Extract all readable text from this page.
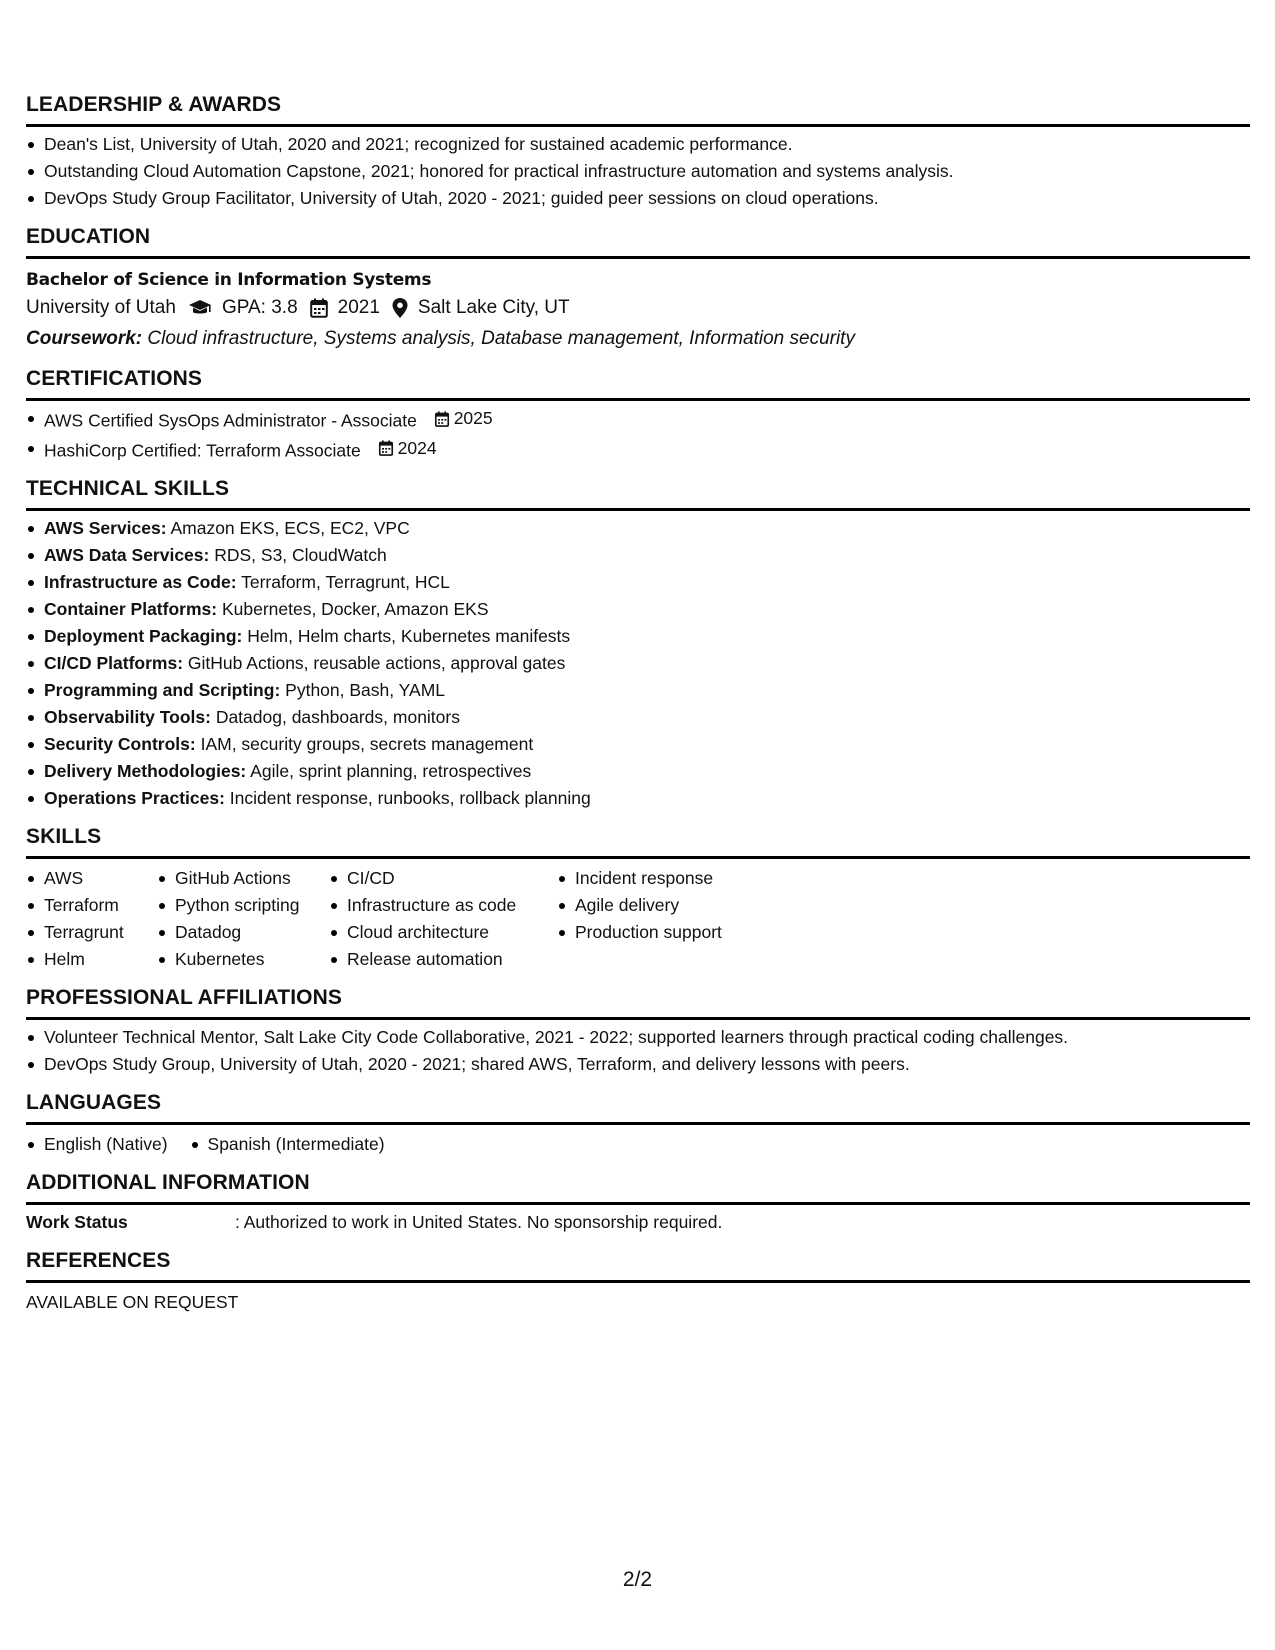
LEADERSHIP & AWARDS
Dean's List, University of Utah, 2020 and 2021; recognized for sustained academic performance.
Outstanding Cloud Automation Capstone, 2021; honored for practical infrastructure automation and systems analysis.
DevOps Study Group Facilitator, University of Utah, 2020 - 2021; guided peer sessions on cloud operations.
EDUCATION
Bachelor of Science in Information Systems
University of Utah GPA: 3.8 2021 Salt Lake City, UT
Coursework: Cloud infrastructure, Systems analysis, Database management, Information security
CERTIFICATIONS
AWS Certified SysOps Administrator - Associate 2025
HashiCorp Certified: Terraform Associate 2024
TECHNICAL SKILLS
AWS Services: Amazon EKS, ECS, EC2, VPC
AWS Data Services: RDS, S3, CloudWatch
Infrastructure as Code: Terraform, Terragrunt, HCL
Container Platforms: Kubernetes, Docker, Amazon EKS
Deployment Packaging: Helm, Helm charts, Kubernetes manifests
CI/CD Platforms: GitHub Actions, reusable actions, approval gates
Programming and Scripting: Python, Bash, YAML
Observability Tools: Datadog, dashboards, monitors
Security Controls: IAM, security groups, secrets management
Delivery Methodologies: Agile, sprint planning, retrospectives
Operations Practices: Incident response, runbooks, rollback planning
SKILLS
AWS
Terraform
Terragrunt
Helm
GitHub Actions
Python scripting
Datadog
Kubernetes
CI/CD
Infrastructure as code
Cloud architecture
Release automation
Incident response
Agile delivery
Production support
PROFESSIONAL AFFILIATIONS
Volunteer Technical Mentor, Salt Lake City Code Collaborative, 2021 - 2022; supported learners through practical coding challenges.
DevOps Study Group, University of Utah, 2020 - 2021; shared AWS, Terraform, and delivery lessons with peers.
LANGUAGES
English (Native)	Spanish (Intermediate)
ADDITIONAL INFORMATION
Work Status	: Authorized to work in United States. No sponsorship required.
REFERENCES
AVAILABLE ON REQUEST
2/2
